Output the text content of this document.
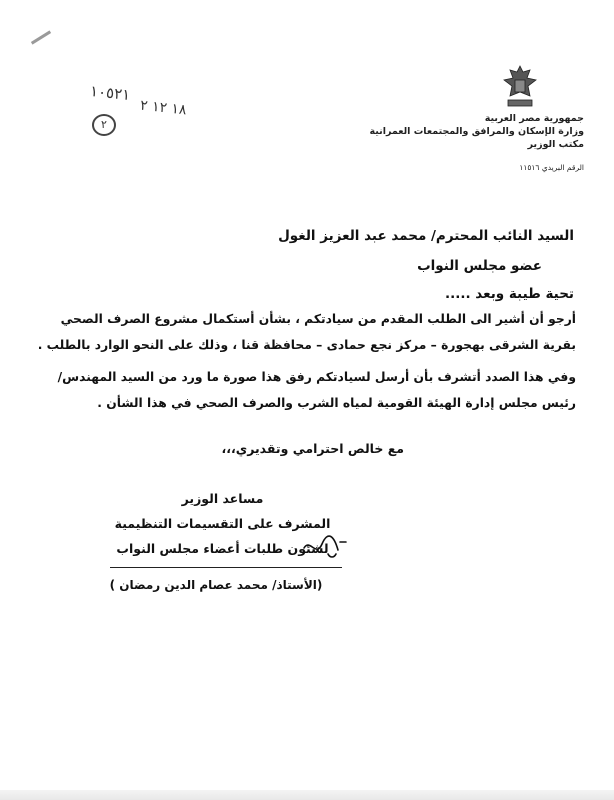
١٠٥٢١
١٨ ١٢ ٢
٢	جمهورية مصر العربية
وزارة الإسكان والمرافق والمجتمعات العمرانية
مكتب الوزير
الرقم البريدي ١١٥١٦
السيد النائب المحترم/ محمد عبد العزيز الغول
عضو مجلس النواب
تحية طيبة وبعد .....
أرجو أن أشير الى الطلب المقدم من سيادتكم ، بشأن أستكمال مشروع الصرف الصحي بقرية الشرقى بهجورة – مركز نجع حمادى – محافظة قنا ، وذلك على النحو الوارد بالطلب .
وفي هذا الصدد أتشرف بأن أرسل لسيادتكم رفق هذا صورة ما ورد من السيد المهندس/ رئيس مجلس إدارة الهيئة القومية لمياه الشرب والصرف الصحي في هذا الشأن .
مع خالص احترامي وتقديري،،،
مساعد الوزير
المشرف على التقسيمات التنظيمية
لشئون طلبات أعضاء مجلس النواب
(الأستاذ/ محمد عصام الدين رمضان )
